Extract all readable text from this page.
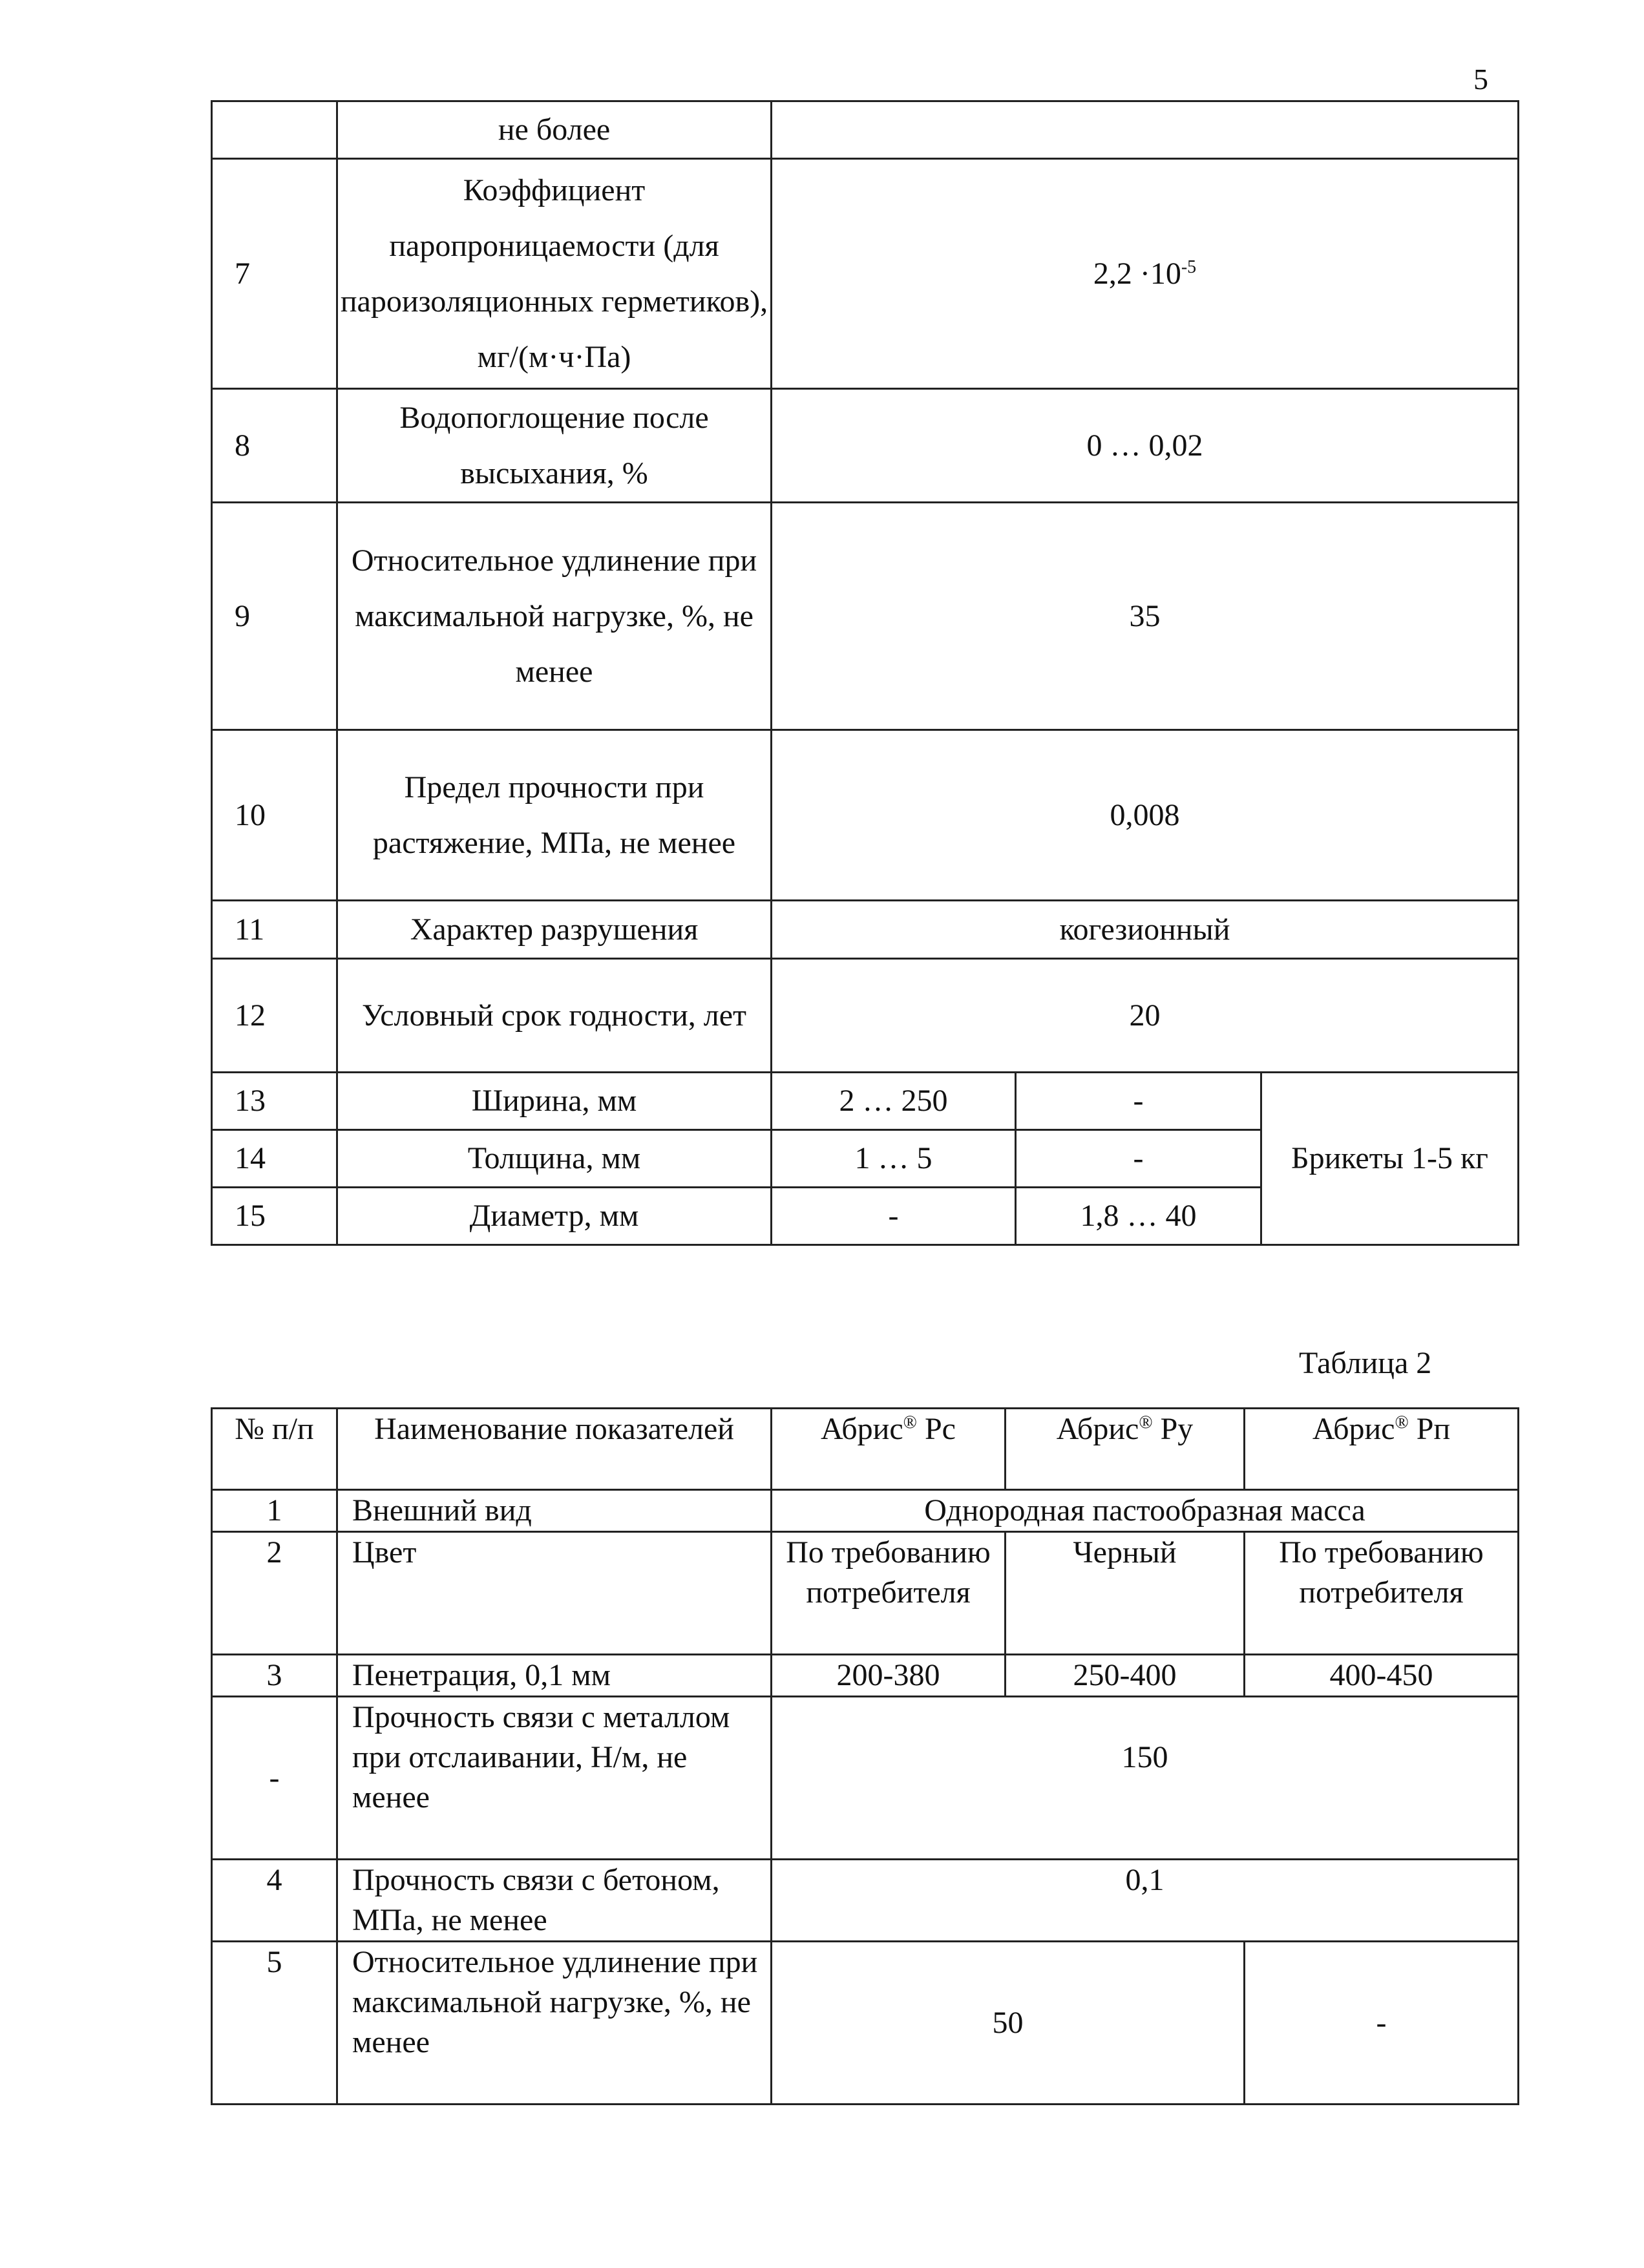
5
	не более			
7	Коэффициент паропроницаемости (для пароизоляционных герметиков), мг/(м·ч·Па)	$2,2 \cdot 10^{-5}$
8	Водопоглощение после высыхания, %	0 … 0,02		
9	Относительное удлинение при максимальной нагрузке, %, не менее	35		
10	Предел прочности при растяжение, МПа, не менее	0,008		
11	Характер разрушения	когезионный		
12	Условный срок годности, лет	20		
13	Ширина, мм	2 … 250	-	Брикеты 1-5 кг
14	Толщина, мм	1 … 5	-	
15	Диаметр, мм	-	1,8 … 40	
Таблица 2
№ п/п	Наименование показателей	Абрис® Рс	Абрис® Ру	Абрис® Рп
1	Внешний вид	Однородная пастообразная масса		
2	Цвет	По требованию потребителя	Черный	По требованию потребителя
3	Пенетрация, 0,1 мм	200-380	250-400	400-450
-	Прочность связи с металлом при отслаивании, Н/м, не менее	150		
4	Прочность связи с бетоном, МПа, не менее	0,1		
5	Относительное удлинение при максимальной нагрузке, %, не менее	50		-
